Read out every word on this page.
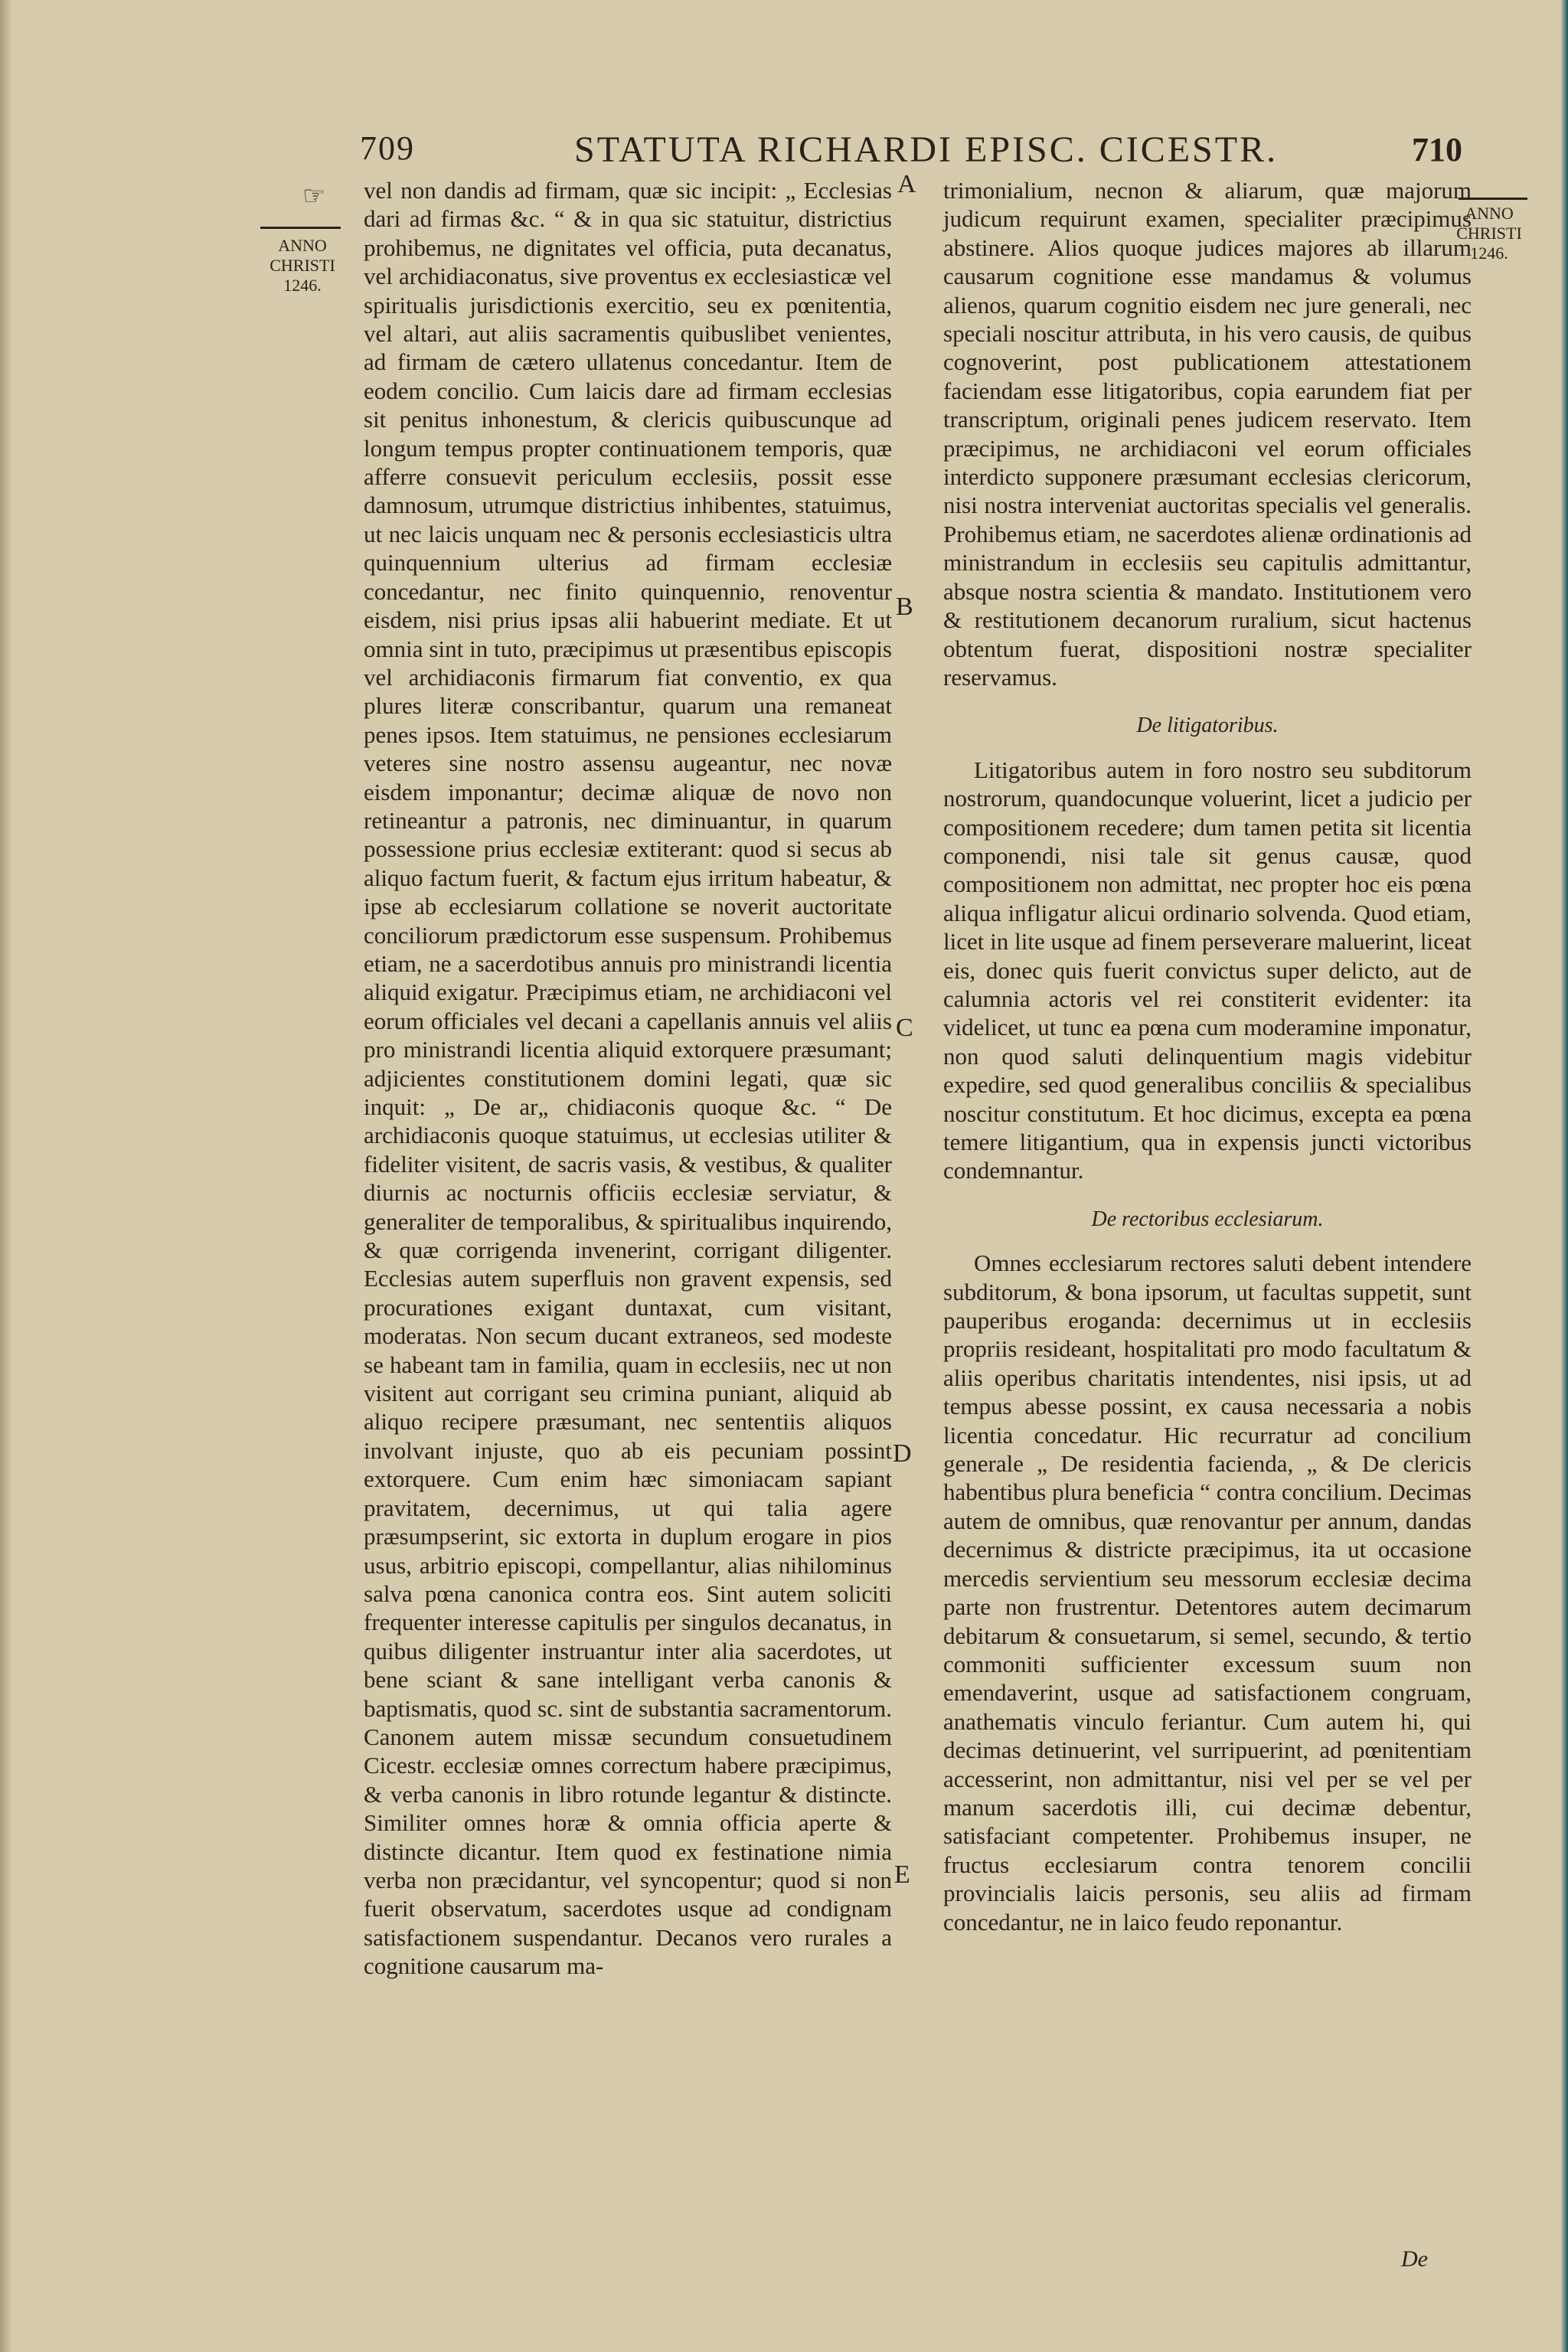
709	STATUTA RICHARDI EPISC. CICESTR.	710
☞
ANNO
CHRISTI
1246.
ANNO
CHRISTI
1246.
A
B
C
D
E

vel non dandis ad firmam, quæ sic incipit: „ Ecclesias dari ad firmas &c. “ & in qua sic statuitur, districtius prohibemus, ne dignitates vel officia, puta decanatus, vel archidiaconatus, sive proventus ex ecclesiasticæ vel spiritualis jurisdictionis exercitio, seu ex pœnitentia, vel altari, aut aliis sacramentis quibuslibet venientes, ad firmam de cætero ullatenus concedantur. Item de eodem concilio. Cum laicis dare ad firmam ecclesias sit penitus inhonestum, & clericis quibuscunque ad longum tempus propter continuationem temporis, quæ afferre consuevit periculum ecclesiis, possit esse damnosum, utrumque districtius inhibentes, statuimus, ut nec laicis unquam nec & personis ecclesiasticis ultra quinquennium ulterius ad firmam ecclesiæ concedantur, nec finito quinquennio, renoventur eisdem, nisi prius ipsas alii habuerint mediate. Et ut omnia sint in tuto, præcipimus ut præsentibus episcopis vel archidiaconis firmarum fiat conventio, ex qua plures literæ conscribantur, quarum una remaneat penes ipsos. Item statuimus, ne pensiones ecclesiarum veteres sine nostro assensu augeantur, nec novæ eisdem imponantur; decimæ aliquæ de novo non retineantur a patronis, nec diminuantur, in quarum possessione prius ecclesiæ extiterant: quod si secus ab aliquo factum fuerit, & factum ejus irritum habeatur, & ipse ab ecclesiarum collatione se noverit auctoritate conciliorum prædictorum esse suspensum. Prohibemus etiam, ne a sacerdotibus annuis pro ministrandi licentia aliquid exigatur. Præcipimus etiam, ne archidiaconi vel eorum officiales vel decani a capellanis annuis vel aliis pro ministrandi licentia aliquid extorquere præsumant; adjicientes constitutionem domini legati, quæ sic inquit: „ De ar„ chidiaconis quoque &c. “ De archidiaconis quoque statuimus, ut ecclesias utiliter & fideliter visitent, de sacris vasis, & vestibus, & qualiter diurnis ac nocturnis officiis ecclesiæ serviatur, & generaliter de temporalibus, & spiritualibus inquirendo, & quæ corrigenda invenerint, corrigant diligenter. Ecclesias autem superfluis non gravent expensis, sed procurationes exigant duntaxat, cum visitant, moderatas. Non secum ducant extraneos, sed modeste se habeant tam in familia, quam in ecclesiis, nec ut non visitent aut corrigant seu crimina puniant, aliquid ab aliquo recipere præsumant, nec sententiis aliquos involvant injuste, quo ab eis pecuniam possint extorquere. Cum enim hæc simoniacam sapiant pravitatem, decernimus, ut qui talia agere præsumpserint, sic extorta in duplum erogare in pios usus, arbitrio episcopi, compellantur, alias nihilominus salva pœna canonica contra eos. Sint autem soliciti frequenter interesse capitulis per singulos decanatus, in quibus diligenter instruantur inter alia sacerdotes, ut bene sciant & sane intelligant verba canonis & baptismatis, quod sc. sint de substantia sacramentorum. Canonem autem missæ secundum consuetudinem Cicestr. ecclesiæ omnes correctum habere præcipimus, & verba canonis in libro rotunde legantur & distincte. Similiter omnes horæ & omnia officia aperte & distincte dicantur. Item quod ex festinatione nimia verba non præcidantur, vel syncopentur; quod si non fuerit observatum, sacerdotes usque ad condignam satisfactionem suspendantur. Decanos vero rurales a cognitione causarum ma-

trimonialium, necnon & aliarum, quæ majorum judicum requirunt examen, specialiter præcipimus abstinere. Alios quoque judices majores ab illarum causarum cognitione esse mandamus & volumus alienos, quarum cognitio eisdem nec jure generali, nec speciali noscitur attributa, in his vero causis, de quibus cognoverint, post publicationem attestationem faciendam esse litigatoribus, copia earundem fiat per transcriptum, originali penes judicem reservato. Item præcipimus, ne archidiaconi vel eorum officiales interdicto supponere præsumant ecclesias clericorum, nisi nostra interveniat auctoritas specialis vel generalis. Prohibemus etiam, ne sacerdotes alienæ ordinationis ad ministrandum in ecclesiis seu capitulis admittantur, absque nostra scientia & mandato. Institutionem vero & restitutionem decanorum ruralium, sicut hactenus obtentum fuerat, dispositioni nostræ specialiter reservamus.

De litigatoribus.

Litigatoribus autem in foro nostro seu subditorum nostrorum, quandocunque voluerint, licet a judicio per compositionem recedere; dum tamen petita sit licentia componendi, nisi tale sit genus causæ, quod compositionem non admittat, nec propter hoc eis pœna aliqua infligatur alicui ordinario solvenda. Quod etiam, licet in lite usque ad finem perseverare maluerint, liceat eis, donec quis fuerit convictus super delicto, aut de calumnia actoris vel rei constiterit evidenter: ita videlicet, ut tunc ea pœna cum moderamine imponatur, non quod saluti delinquentium magis videbitur expedire, sed quod generalibus conciliis & specialibus noscitur constitutum. Et hoc dicimus, excepta ea pœna temere litigantium, qua in expensis juncti victoribus condemnantur.

De rectoribus ecclesiarum.

Omnes ecclesiarum rectores saluti debent intendere subditorum, & bona ipsorum, ut facultas suppetit, sunt pauperibus eroganda: decernimus ut in ecclesiis propriis resideant, hospitalitati pro modo facultatum & aliis operibus charitatis intendentes, nisi ipsis, ut ad tempus abesse possint, ex causa necessaria a nobis licentia concedatur. Hic recurratur ad concilium generale „ De residentia facienda, „ & De clericis habentibus plura beneficia “ contra concilium. Decimas autem de omnibus, quæ renovantur per annum, dandas decernimus & districte præcipimus, ita ut occasione mercedis servientium seu messorum ecclesiæ decima parte non frustrentur. Detentores autem decimarum debitarum & consuetarum, si semel, secundo, & tertio commoniti sufficienter excessum suum non emendaverint, usque ad satisfactionem congruam, anathematis vinculo feriantur. Cum autem hi, qui decimas detinuerint, vel surripuerint, ad pœnitentiam accesserint, non admittantur, nisi vel per se vel per manum sacerdotis illi, cui decimæ debentur, satisfaciant competenter. Prohibemus insuper, ne fructus ecclesiarum contra tenorem concilii provincialis laicis personis, seu aliis ad firmam concedantur, ne in laico feudo reponantur.

De
